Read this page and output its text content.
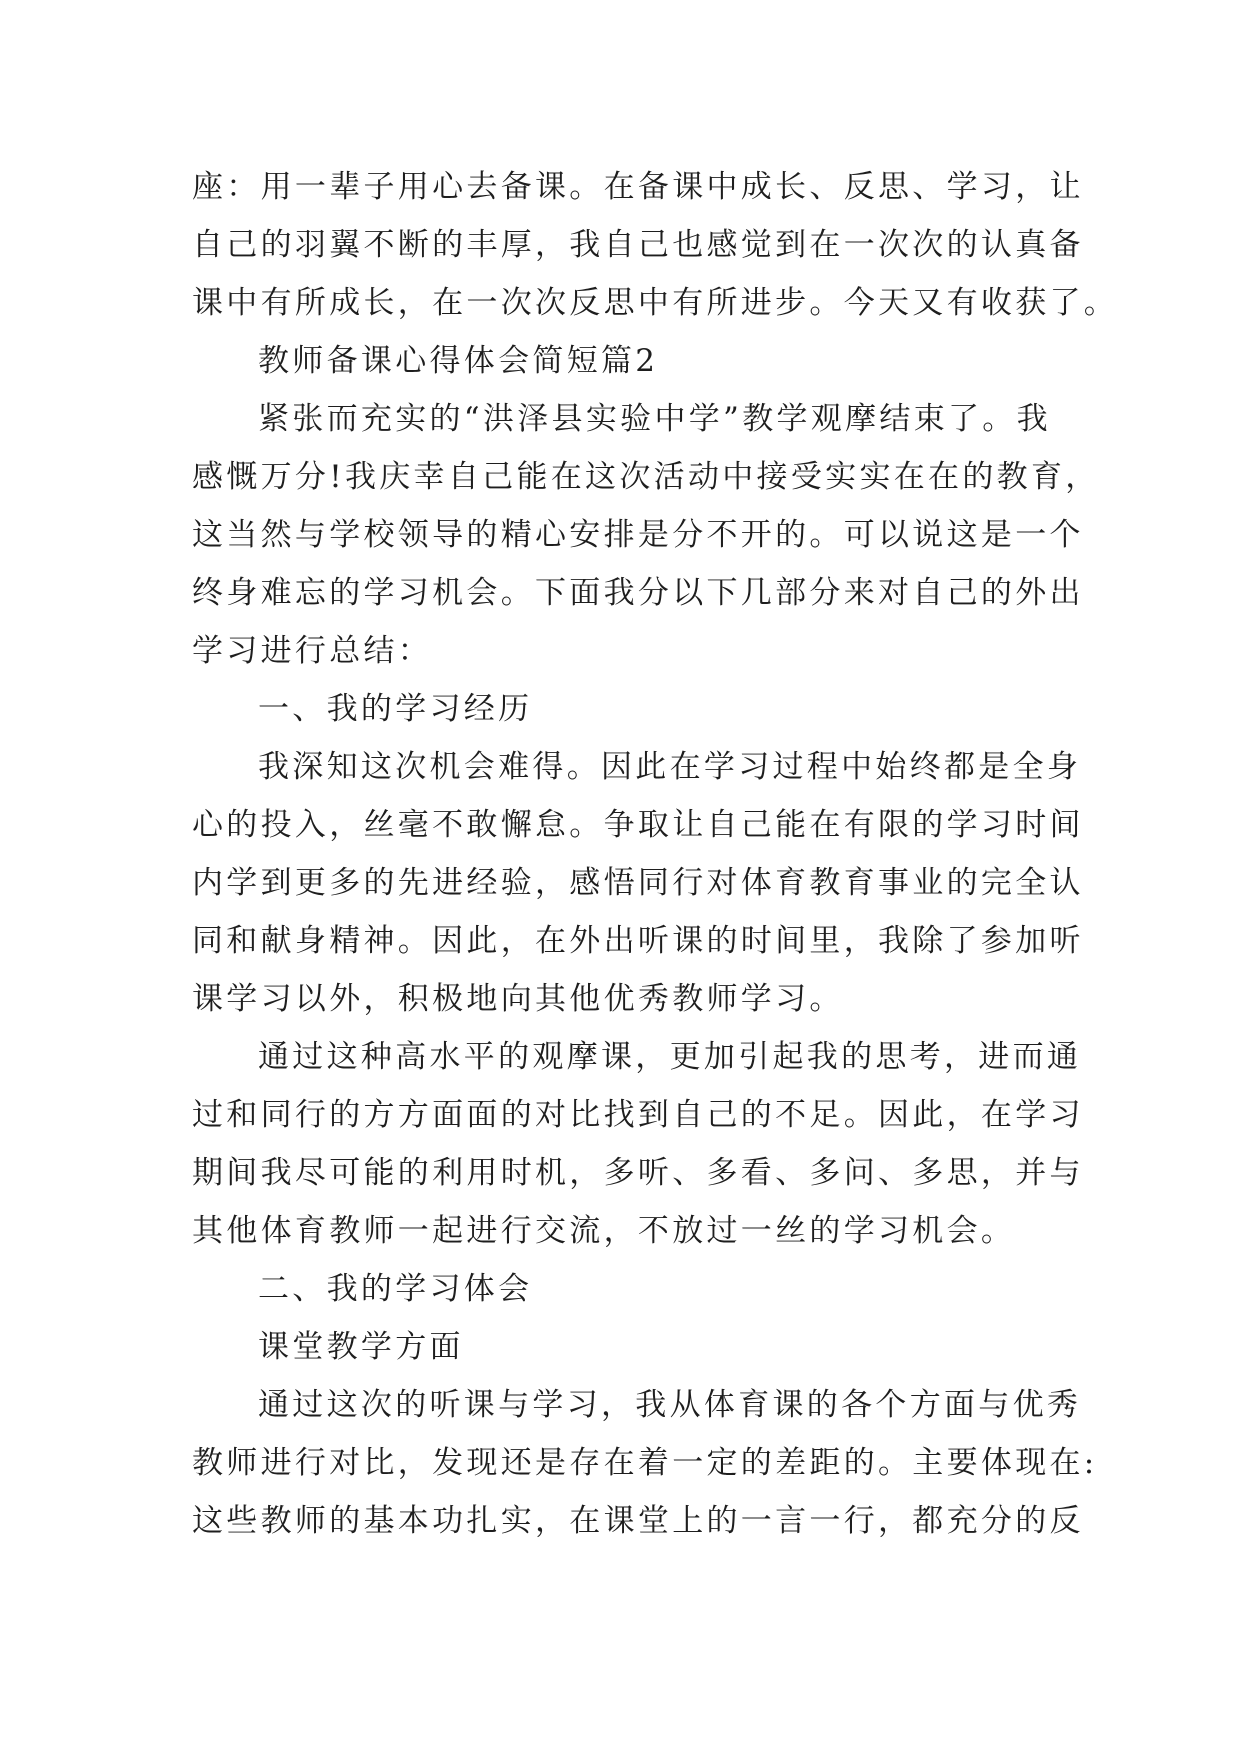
座：用一辈子用心去备课。在备课中成长、反思、学习，让
自己的羽翼不断的丰厚，我自己也感觉到在一次次的认真备
课中有所成长，在一次次反思中有所进步。今天又有收获了。
教师备课心得体会简短篇2
紧张而充实的“洪泽县实验中学”教学观摩结束了。我
感慨万分!我庆幸自己能在这次活动中接受实实在在的教育，
这当然与学校领导的精心安排是分不开的。可以说这是一个
终身难忘的学习机会。下面我分以下几部分来对自己的外出
学习进行总结：
一、我的学习经历
我深知这次机会难得。因此在学习过程中始终都是全身
心的投入，丝毫不敢懈怠。争取让自己能在有限的学习时间
内学到更多的先进经验，感悟同行对体育教育事业的完全认
同和献身精神。因此，在外出听课的时间里，我除了参加听
课学习以外，积极地向其他优秀教师学习。
通过这种高水平的观摩课，更加引起我的思考，进而通
过和同行的方方面面的对比找到自己的不足。因此，在学习
期间我尽可能的利用时机，多听、多看、多问、多思，并与
其他体育教师一起进行交流，不放过一丝的学习机会。
二、我的学习体会
课堂教学方面
通过这次的听课与学习，我从体育课的各个方面与优秀
教师进行对比，发现还是存在着一定的差距的。主要体现在:
这些教师的基本功扎实，在课堂上的一言一行，都充分的反
